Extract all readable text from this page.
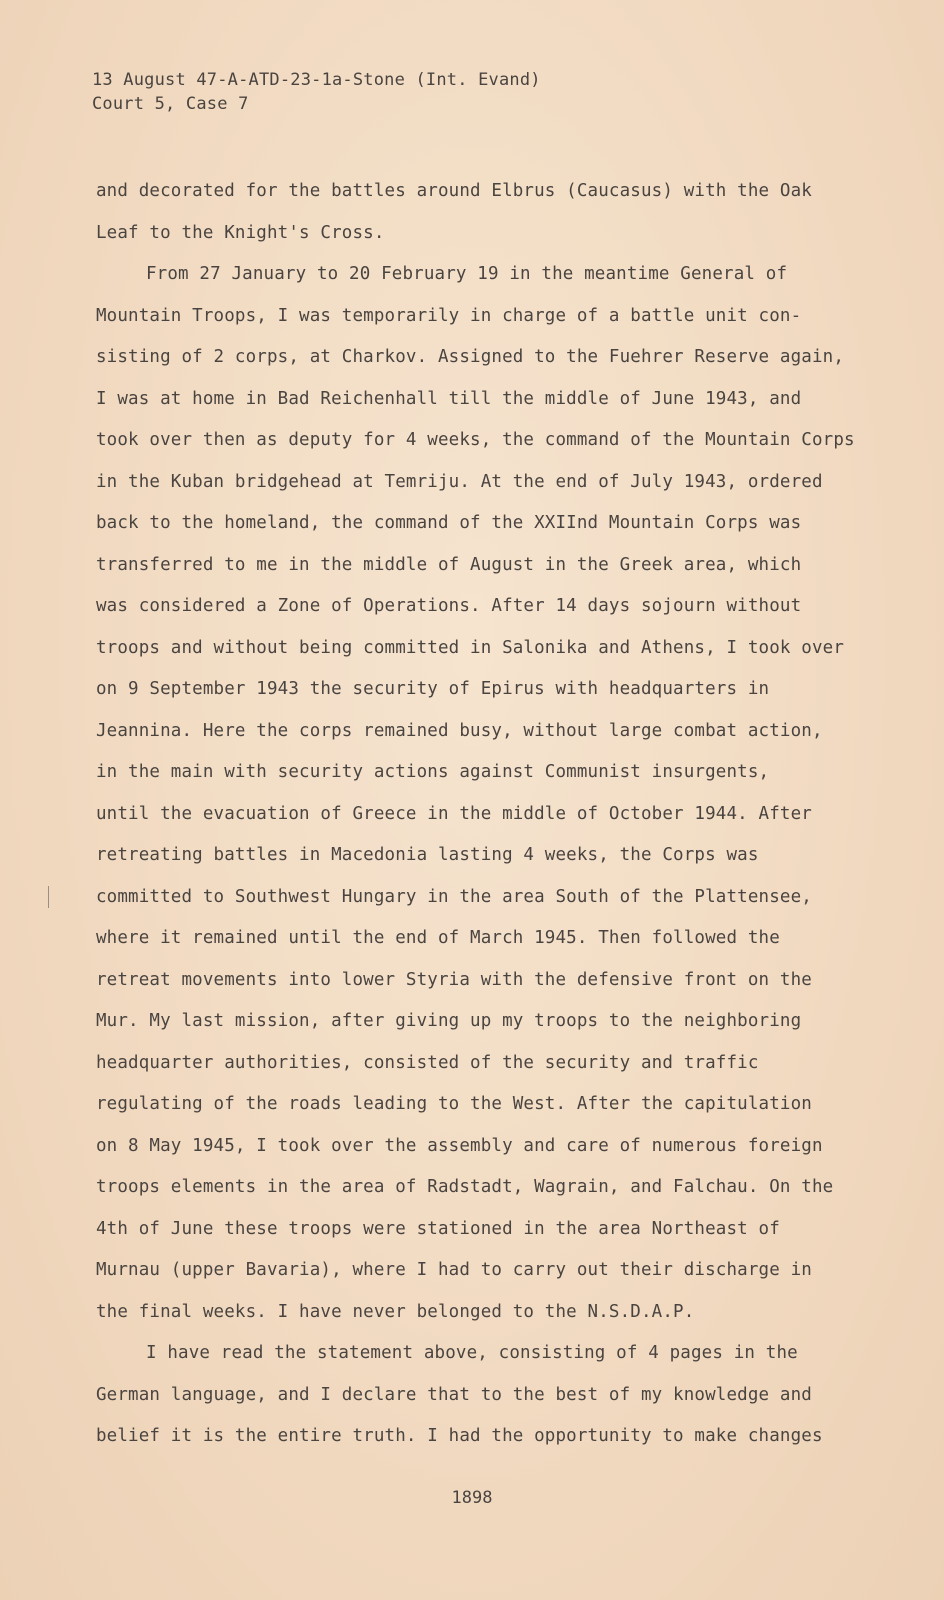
13 August 47-A-ATD-23-1a-Stone (Int. Evand)
Court 5, Case 7
and decorated for the battles around Elbrus (Caucasus) with the Oak
Leaf to the Knight's Cross.
From 27 January to 20 February 19 in the meantime General of
Mountain Troops, I was temporarily in charge of a battle unit con-
sisting of 2 corps, at Charkov. Assigned to the Fuehrer Reserve again,
I was at home in Bad Reichenhall till the middle of June 1943, and
took over then as deputy for 4 weeks, the command of the Mountain Corps
in the Kuban bridgehead at Temriju. At the end of July 1943, ordered
back to the homeland, the command of the XXIInd Mountain Corps was
transferred to me in the middle of August in the Greek area, which
was considered a Zone of Operations. After 14 days sojourn without
troops and without being committed in Salonika and Athens, I took over
on 9 September 1943 the security of Epirus with headquarters in
Jeannina. Here the corps remained busy, without large combat action,
in the main with security actions against Communist insurgents,
until the evacuation of Greece in the middle of October 1944. After
retreating battles in Macedonia lasting 4 weeks, the Corps was
committed to Southwest Hungary in the area South of the Plattensee,
where it remained until the end of March 1945. Then followed the
retreat movements into lower Styria with the defensive front on the
Mur. My last mission, after giving up my troops to the neighboring
headquarter authorities, consisted of the security and traffic
regulating of the roads leading to the West. After the capitulation
on 8 May 1945, I took over the assembly and care of numerous foreign
troops elements in the area of Radstadt, Wagrain, and Falchau. On the
4th of June these troops were stationed in the area Northeast of
Murnau (upper Bavaria), where I had to carry out their discharge in
the final weeks. I have never belonged to the N.S.D.A.P.
I have read the statement above, consisting of 4 pages in the
German language, and I declare that to the best of my knowledge and
belief it is the entire truth. I had the opportunity to make changes
1898
